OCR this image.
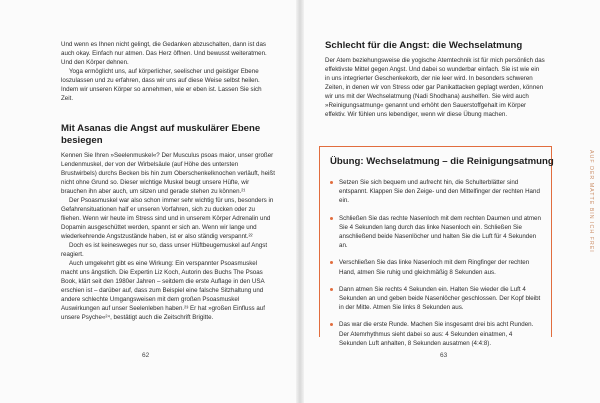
Und wenn es Ihnen nicht gelingt, die Gedanken abzuschalten, dann ist das auch okay. Einfach nur atmen. Das Herz öffnen. Und bewusst weiteratmen. Und den Körper dehnen.

Yoga ermöglicht uns, auf körperlicher, seelischer und geistiger Ebene loszulassen und zu erfahren, dass wir uns auf diese Weise selbst heilen. Indem wir unseren Körper so annehmen, wie er eben ist. Lassen Sie sich Zeit.

Mit Asanas die Angst auf muskulärer Ebene besiegen

Kennen Sie Ihren »Seelenmuskel«? Der Musculus psoas maior, unser großer Lendenmuskel, der von der Wirbelsäule (auf Höhe des untersten Brustwirbels) durchs Becken bis hin zum Oberschenkelknochen verläuft, heißt nicht ohne Grund so. Dieser wichtige Muskel beugt unsere Hüfte, wir brauchen ihn aber auch, um sitzen und gerade stehen zu können.²¹

Der Psoasmuskel war also schon immer sehr wichtig für uns, besonders in Gefahrensituationen half er unseren Vorfahren, sich zu ducken oder zu fliehen. Wenn wir heute im Stress sind und in unserem Körper Adrenalin und Dopamin ausgeschüttet werden, spannt er sich an. Wenn wir lange und wiederkehrende Angstzustände haben, ist er also ständig verspannt.²²

Doch es ist keinesweges nur so, dass unser Hüftbeugemuskel auf Angst reagiert.

Auch umgekehrt gibt es eine Wirkung: Ein verspannter Psoasmuskel macht uns ängstlich. Die Expertin Liz Koch, Autorin des Buchs The Psoas Book, klärt seit den 1980er Jahren – seitdem die erste Auflage in den USA erschien ist – darüber auf, dass zum Beispiel eine falsche Sitzhaltung und andere schlechte Umgangsweisen mit dem großen Psoasmuskel Auswirkungen auf unser Seelenleben haben.²³ Er hat »großen Einfluss auf unsere Psyche«²⁴, bestätigt auch die Zeitschrift Brigitte.

62
Schlecht für die Angst: die Wechselatmung

Der Atem beziehungsweise die yogische Atemtechnik ist für mich persönlich das effektivste Mittel gegen Angst. Und dabei so wunderbar einfach. Sie ist wie ein in uns integrierter Geschenkekorb, der nie leer wird. In besonders schweren Zeiten, in denen wir von Stress oder gar Panikattacken geplagt werden, können wir uns mit der Wechselatmung (Nadi Shodhana) aushelfen. Sie wird auch »Reinigungsatmung« genannt und erhöht den Sauerstoffgehalt im Körper effektiv. Wir fühlen uns lebendiger, wenn wir diese Übung machen.

Übung: Wechselatmung – die Reinigungsatmung
Setzen Sie sich bequem und aufrecht hin, die Schulterblätter sind entspannt. Klappen Sie den Zeige- und den Mittelfinger der rechten Hand ein.
Schließen Sie das rechte Nasenloch mit dem rechten Daumen und atmen Sie 4 Sekunden lang durch das linke Nasenloch ein. Schließen Sie anschließend beide Nasenlöcher und halten Sie die Luft für 4 Sekunden an.
Verschließen Sie das linke Nasenloch mit dem Ringfinger der rechten Hand, atmen Sie ruhig und gleichmäßig 8 Sekunden aus.
Dann atmen Sie rechts 4 Sekunden ein. Halten Sie wieder die Luft 4 Sekunden an und geben beide Nasenlöcher geschlossen. Der Kopf bleibt in der Mitte. Atmen Sie links 8 Sekunden aus.
Das war die erste Runde. Machen Sie insgesamt drei bis acht Runden. Der Atemrhythmus sieht dabei so aus: 4 Sekunden einatmen, 4 Sekunden Luft anhalten, 8 Sekunden ausatmen (4:4:8).
AUF DER MATTE BIN ICH FREI
63
